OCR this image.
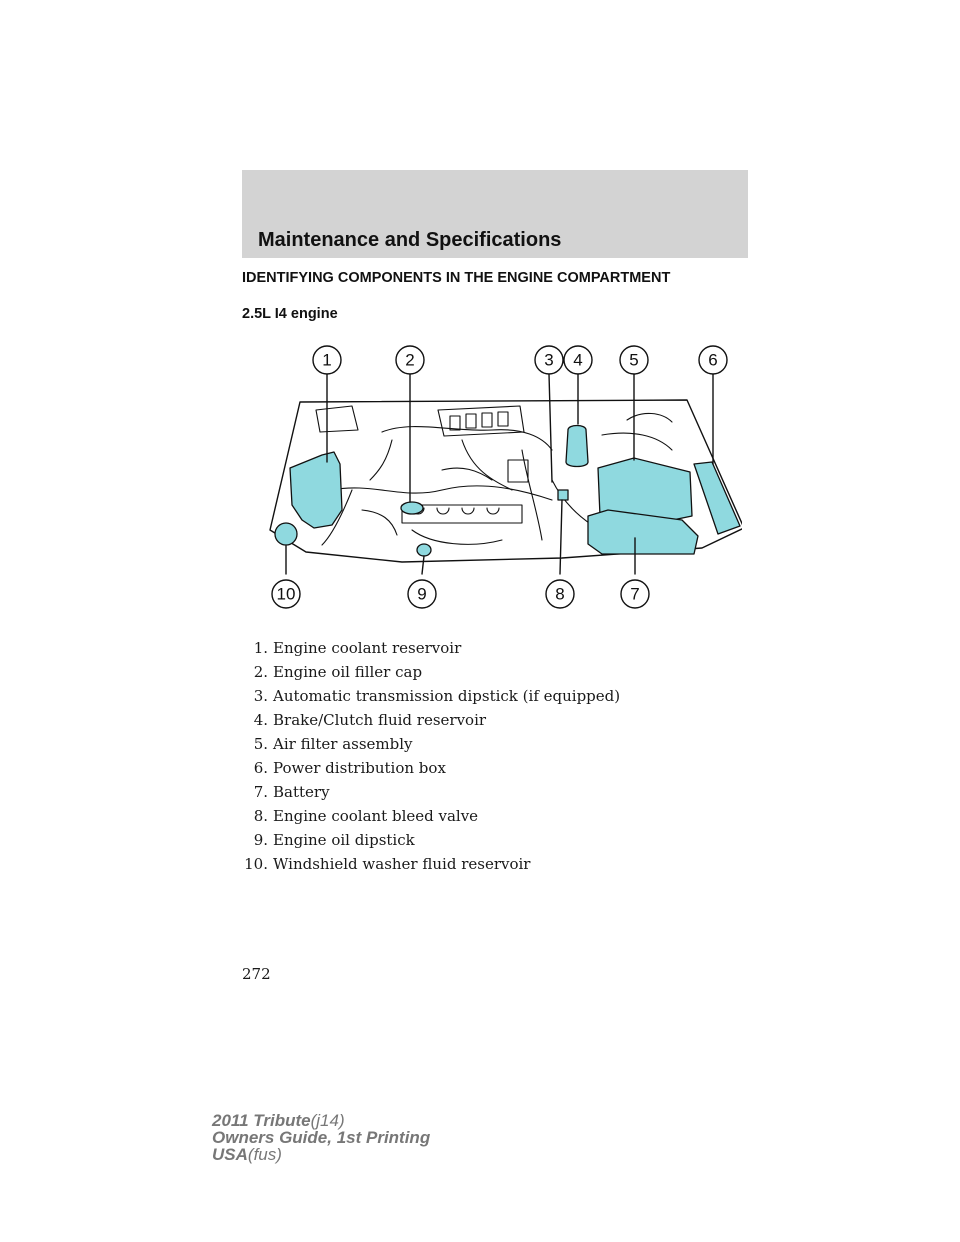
Maintenance and Specifications
IDENTIFYING COMPONENTS IN THE ENGINE COMPARTMENT
2.5L I4 engine
1	2	3 4	5	6
7
8
9
10
1. Engine coolant reservoir
2. Engine oil filler cap
3. Automatic transmission dipstick (if equipped)
4. Brake/Clutch fluid reservoir
5. Air filter assembly
6. Power distribution box
7. Battery
8. Engine coolant bleed valve
9. Engine oil dipstick
10. Windshield washer fluid reservoir
272
2011 Tribute(j14)
Owners Guide, 1st Printing
USA(fus)
